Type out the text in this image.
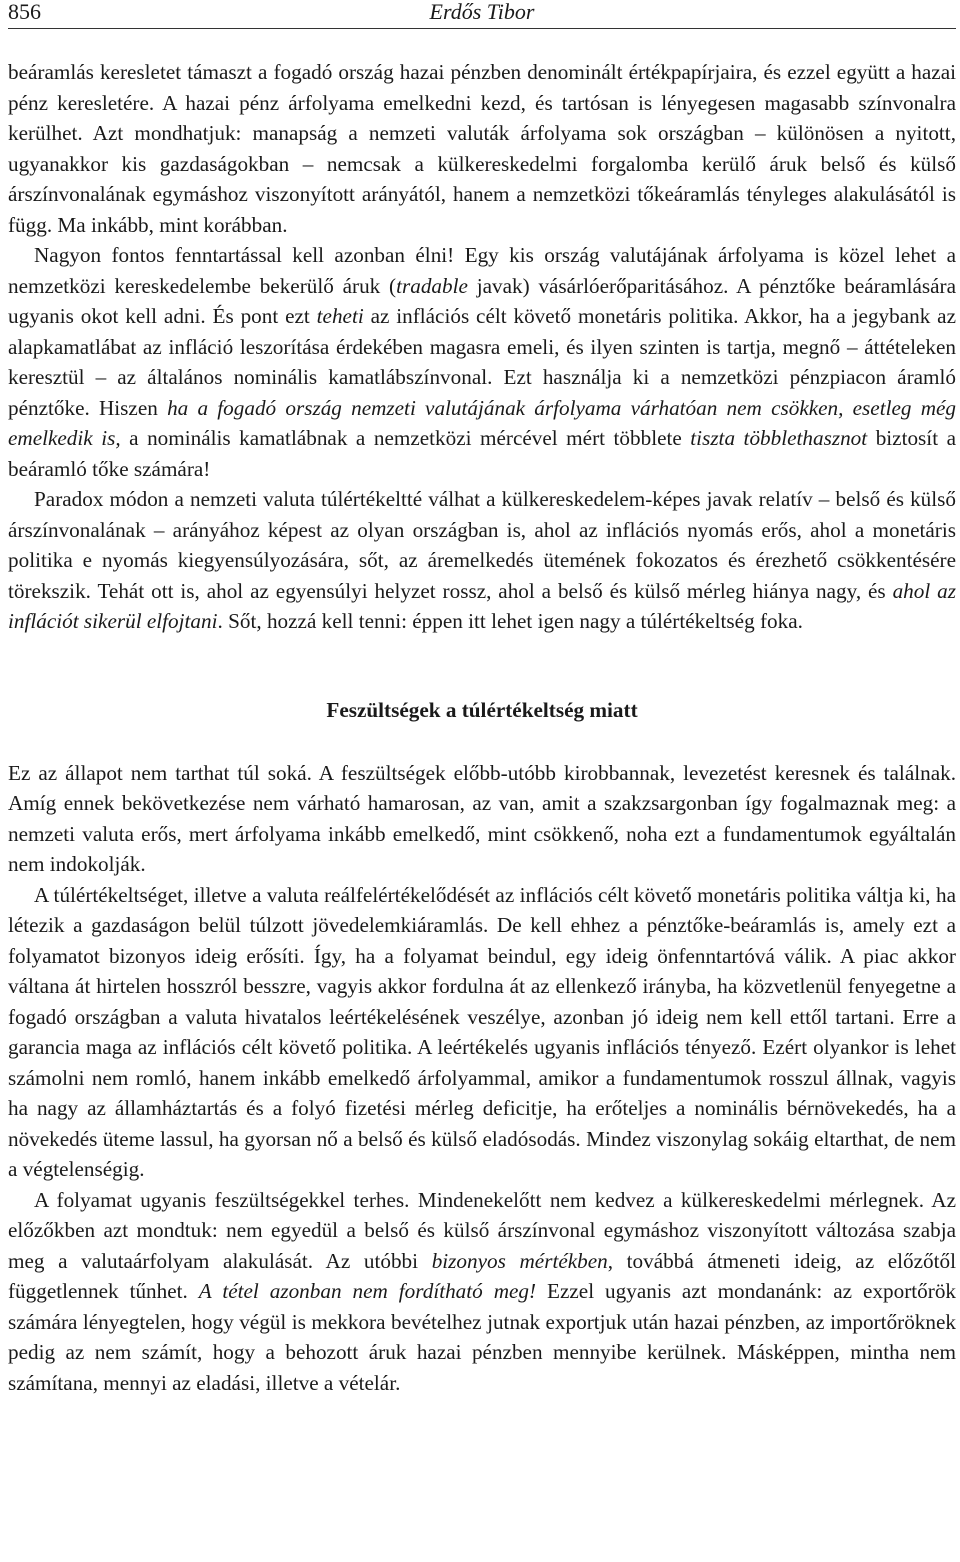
856	Erdős Tibor

beáramlás keresletet támaszt a fogadó ország hazai pénzben denominált értékpapírjaira, és ezzel együtt a hazai pénz keresletére. A hazai pénz árfolyama emelkedni kezd, és tartósan is lényegesen magasabb színvonalra kerülhet. Azt mondhatjuk: manapság a nemzeti valuták árfolyama sok országban – különösen a nyitott, ugyanakkor kis gazdaságokban – nemcsak a külkereskedelmi forgalomba kerülő áruk belső és külső árszínvonalának egymáshoz viszonyított arányától, hanem a nemzetközi tőkeáramlás tényleges alakulásától is függ. Ma inkább, mint korábban.

Nagyon fontos fenntartással kell azonban élni! Egy kis ország valutájának árfolyama is közel lehet a nemzetközi kereskedelembe bekerülő áruk (tradable javak) vásárlóerőparitásához. A pénztőke beáramlására ugyanis okot kell adni. És pont ezt teheti az inflációs célt követő monetáris politika. Akkor, ha a jegybank az alapkamatlábat az infláció leszorítása érdekében magasra emeli, és ilyen szinten is tartja, megnő – áttételeken keresztül – az általános nominális kamatlábszínvonal. Ezt használja ki a nemzetközi pénzpiacon áramló pénztőke. Hiszen ha a fogadó ország nemzeti valutájának árfolyama várhatóan nem csökken, esetleg még emelkedik is, a nominális kamatlábnak a nemzetközi mércével mért többlete tiszta többlethasznot biztosít a beáramló tőke számára!

Paradox módon a nemzeti valuta túlértékeltté válhat a külkereskedelem-képes javak relatív – belső és külső árszínvonalának – arányához képest az olyan országban is, ahol az inflációs nyomás erős, ahol a monetáris politika e nyomás kiegyensúlyozására, sőt, az áremelkedés ütemének fokozatos és érezhető csökkentésére törekszik. Tehát ott is, ahol az egyensúlyi helyzet rossz, ahol a belső és külső mérleg hiánya nagy, és ahol az inflációt sikerül elfojtani. Sőt, hozzá kell tenni: éppen itt lehet igen nagy a túlértékeltség foka.

Feszültségek a túlértékeltség miatt

Ez az állapot nem tarthat túl soká. A feszültségek előbb-utóbb kirobbannak, levezetést keresnek és találnak. Amíg ennek bekövetkezése nem várható hamarosan, az van, amit a szakzsargonban így fogalmaznak meg: a nemzeti valuta erős, mert árfolyama inkább emelkedő, mint csökkenő, noha ezt a fundamentumok egyáltalán nem indokolják.

A túlértékeltséget, illetve a valuta reálfelértékelődését az inflációs célt követő monetáris politika váltja ki, ha létezik a gazdaságon belül túlzott jövedelemkiáramlás. De kell ehhez a pénztőke-beáramlás is, amely ezt a folyamatot bizonyos ideig erősíti. Így, ha a folyamat beindul, egy ideig önfenntartóvá válik. A piac akkor váltana át hirtelen hosszról besszre, vagyis akkor fordulna át az ellenkező irányba, ha közvetlenül fenyegetne a fogadó országban a valuta hivatalos leértékelésének veszélye, azonban jó ideig nem kell ettől tartani. Erre a garancia maga az inflációs célt követő politika. A leértékelés ugyanis inflációs tényező. Ezért olyankor is lehet számolni nem romló, hanem inkább emelkedő árfolyammal, amikor a fundamentumok rosszul állnak, vagyis ha nagy az államháztartás és a folyó fizetési mérleg deficitje, ha erőteljes a nominális bérnövekedés, ha a növekedés üteme lassul, ha gyorsan nő a belső és külső eladósodás. Mindez viszonylag sokáig eltarthat, de nem a végtelenségig.

A folyamat ugyanis feszültségekkel terhes. Mindenekelőtt nem kedvez a külkereskedelmi mérlegnek. Az előzőkben azt mondtuk: nem egyedül a belső és külső árszínvonal egymáshoz viszonyított változása szabja meg a valutaárfolyam alakulását. Az utóbbi bizonyos mértékben, továbbá átmeneti ideig, az előzőtől függetlennek tűnhet. A tétel azonban nem fordítható meg! Ezzel ugyanis azt mondanánk: az exportőrök számára lényegtelen, hogy végül is mekkora bevételhez jutnak exportjuk után hazai pénzben, az importőröknek pedig az nem számít, hogy a behozott áruk hazai pénzben mennyibe kerülnek. Másképpen, mintha nem számítana, mennyi az eladási, illetve a vételár.
